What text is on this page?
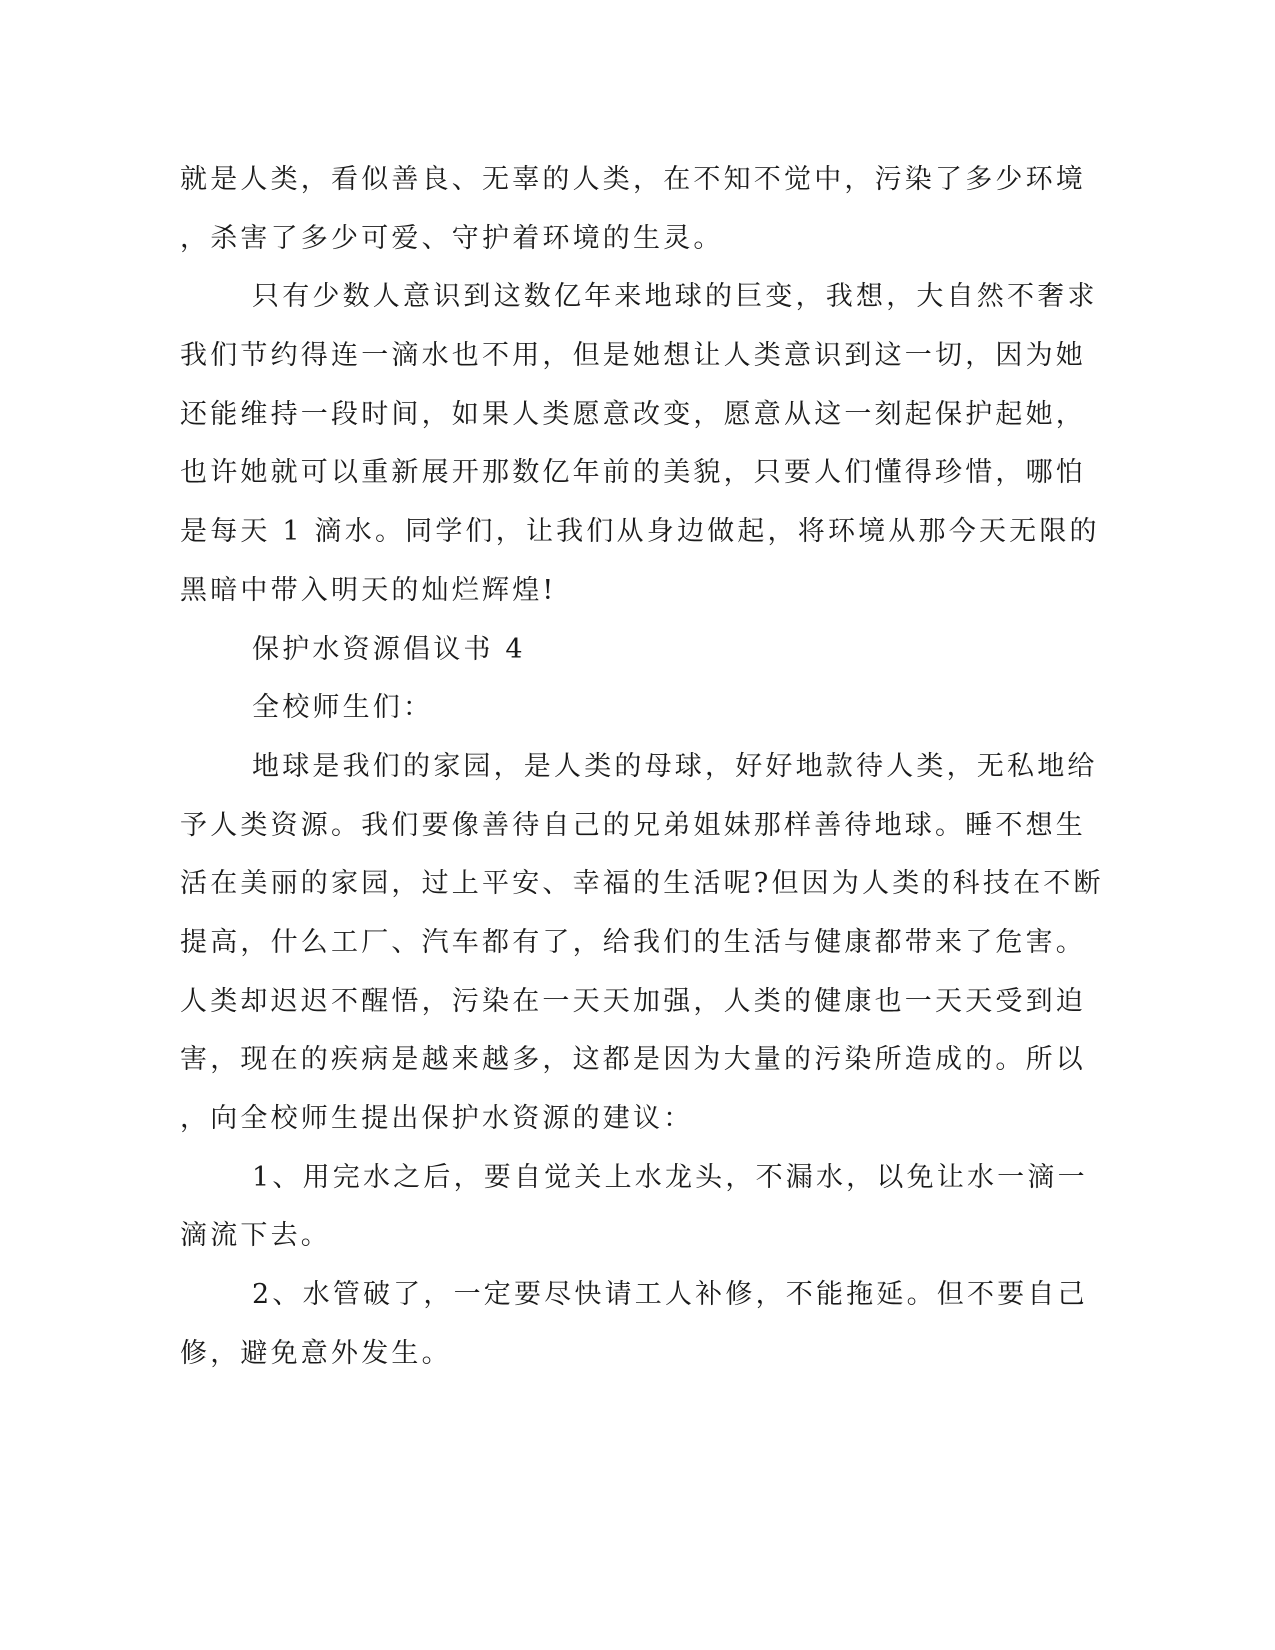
就是人类，看似善良、无辜的人类，在不知不觉中，污染了多少环境
，杀害了多少可爱、守护着环境的生灵。
只有少数人意识到这数亿年来地球的巨变，我想，大自然不奢求
我们节约得连一滴水也不用，但是她想让人类意识到这一切，因为她
还能维持一段时间，如果人类愿意改变，愿意从这一刻起保护起她，
也许她就可以重新展开那数亿年前的美貌，只要人们懂得珍惜，哪怕
是每天 1 滴水。同学们，让我们从身边做起，将环境从那今天无限的
黑暗中带入明天的灿烂辉煌!
保护水资源倡议书 4
全校师生们：
地球是我们的家园，是人类的母球，好好地款待人类，无私地给
予人类资源。我们要像善待自己的兄弟姐妹那样善待地球。睡不想生
活在美丽的家园，过上平安、幸福的生活呢?但因为人类的科技在不断
提高，什么工厂、汽车都有了，给我们的生活与健康都带来了危害。
人类却迟迟不醒悟，污染在一天天加强，人类的健康也一天天受到迫
害，现在的疾病是越来越多，这都是因为大量的污染所造成的。所以
，向全校师生提出保护水资源的建议：
1、用完水之后，要自觉关上水龙头，不漏水，以免让水一滴一
滴流下去。
2、水管破了，一定要尽快请工人补修，不能拖延。但不要自己
修，避免意外发生。
